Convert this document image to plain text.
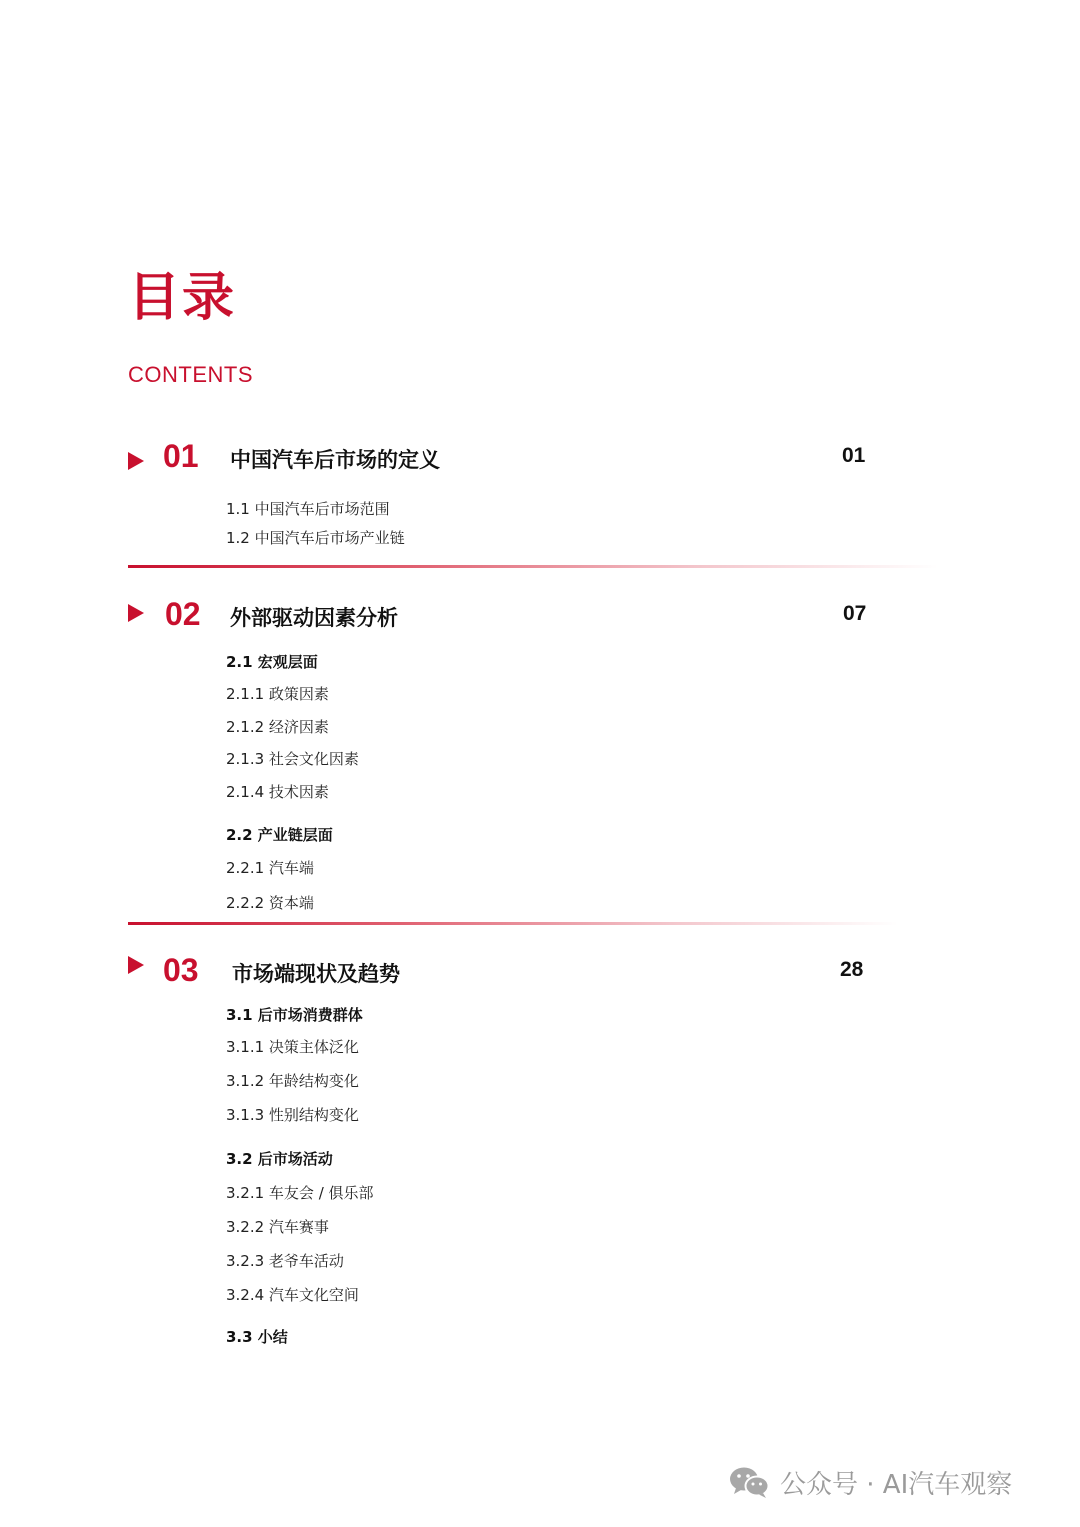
目录
CONTENTS
01 中国汽车后市场的定义	01
1.1 中国汽车后市场范围
1.2 中国汽车后市场产业链
02 外部驱动因素分析	07
2.1 宏观层面
2.1.1 政策因素
2.1.2 经济因素
2.1.3 社会文化因素
2.1.4 技术因素
2.2 产业链层面
2.2.1 汽车端
2.2.2 资本端
03 市场端现状及趋势	28
3.1 后市场消费群体
3.1.1 决策主体泛化
3.1.2 年龄结构变化
3.1.3 性别结构变化
3.2 后市场活动
3.2.1 车友会 / 俱乐部
3.2.2 汽车赛事
3.2.3 老爷车活动
3.2.4 汽车文化空间
3.3 小结
公众号 · AI汽车观察
